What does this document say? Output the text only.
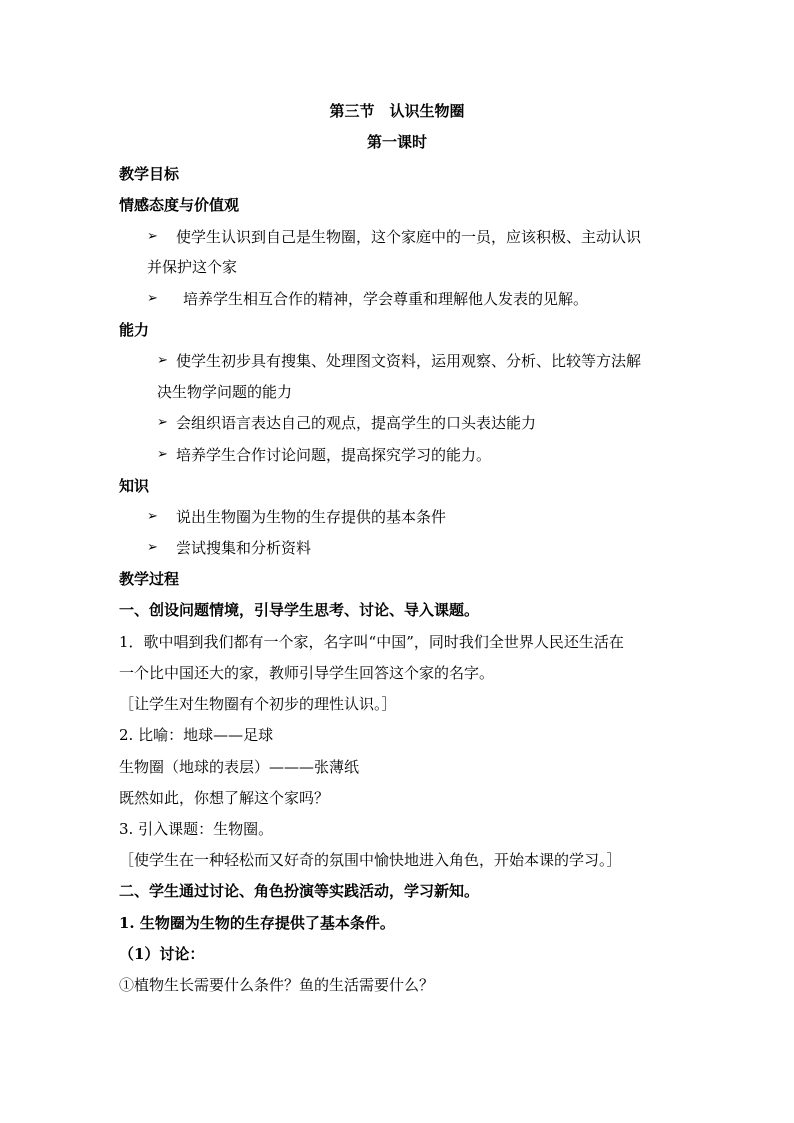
第三节　认识生物圈
第一课时
教学目标
情感态度与价值观
➢ 使学生认识到自己是生物圈，这个家庭中的一员，应该积极、主动认识
并保护这个家
➢ 培养学生相互合作的精神，学会尊重和理解他人发表的见解。
能力
➢ 使学生初步具有搜集、处理图文资料，运用观察、分析、比较等方法解
决生物学问题的能力
➢ 会组织语言表达自己的观点，提高学生的口头表达能力
➢ 培养学生合作讨论问题，提高探究学习的能力。
知识
➢ 说出生物圈为生物的生存提供的基本条件
➢ 尝试搜集和分析资料
教学过程
一、创设问题情境，引导学生思考、讨论、导入课题。
1．歌中唱到我们都有一个家，名字叫“中国”，同时我们全世界人民还生活在
一个比中国还大的家，教师引导学生回答这个家的名字。
［让学生对生物圈有个初步的理性认识。］
2. 比喻：地球——足球
生物圈（地球的表层）———张薄纸
既然如此，你想了解这个家吗？
3. 引入课题：生物圈。
［使学生在一种轻松而又好奇的氛围中愉快地进入角色，开始本课的学习。］
二、学生通过讨论、角色扮演等实践活动，学习新知。
1. 生物圈为生物的生存提供了基本条件。
（1）讨论：
①植物生长需要什么条件？鱼的生活需要什么？
